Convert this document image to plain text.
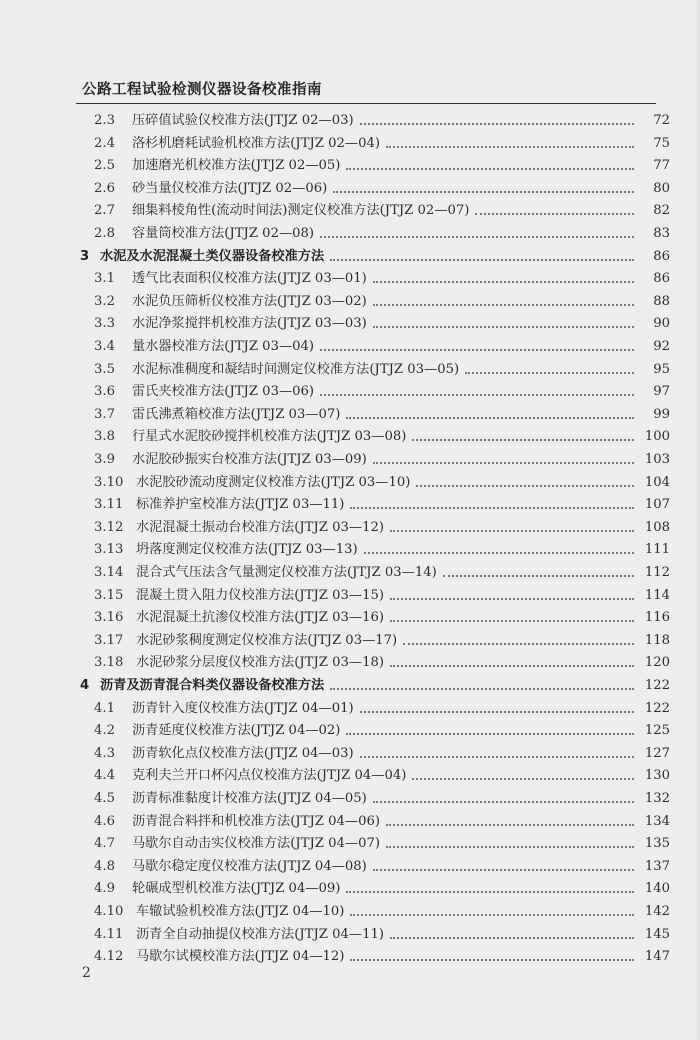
公路工程试验检测仪器设备校准指南
2.3	压碎值试验仪校准方法(JTJZ 02—03)	72
2.4	洛杉机磨耗试验机校准方法(JTJZ 02—04)	75
2.5	加速磨光机校准方法(JTJZ 02—05)	77
2.6	砂当量仪校准方法(JTJZ 02—06)	80
2.7	细集料棱角性(流动时间法)测定仪校准方法(JTJZ 02—07)	82
2.8	容量筒校准方法(JTJZ 02—08)	83
3 水泥及水泥混凝土类仪器设备校准方法	86
3.1	透气比表面积仪校准方法(JTJZ 03—01)	86
3.2	水泥负压筛析仪校准方法(JTJZ 03—02)	88
3.3	水泥净浆搅拌机校准方法(JTJZ 03—03)	90
3.4	量水器校准方法(JTJZ 03—04)	92
3.5	水泥标准稠度和凝结时间测定仪校准方法(JTJZ 03—05)	95
3.6	雷氏夹校准方法(JTJZ 03—06)	97
3.7	雷氏沸煮箱校准方法(JTJZ 03—07)	99
3.8	行星式水泥胶砂搅拌机校准方法(JTJZ 03—08)	100
3.9	水泥胶砂振实台校准方法(JTJZ 03—09)	103
3.10 水泥胶砂流动度测定仪校准方法(JTJZ 03—10)	104
3.11 标准养护室校准方法(JTJZ 03—11)	107
3.12 水泥混凝土振动台校准方法(JTJZ 03—12)	108
3.13 坍落度测定仪校准方法(JTJZ 03—13)	111
3.14 混合式气压法含气量测定仪校准方法(JTJZ 03—14)	112
3.15 混凝土贯入阻力仪校准方法(JTJZ 03—15)	114
3.16 水泥混凝土抗渗仪校准方法(JTJZ 03—16)	116
3.17 水泥砂浆稠度测定仪校准方法(JTJZ 03—17)	118
3.18 水泥砂浆分层度仪校准方法(JTJZ 03—18)	120
4 沥青及沥青混合料类仪器设备校准方法	122
4.1	沥青针入度仪校准方法(JTJZ 04—01)	122
4.2	沥青延度仪校准方法(JTJZ 04—02)	125
4.3	沥青软化点仪校准方法(JTJZ 04—03)	127
4.4	克利夫兰开口杯闪点仪校准方法(JTJZ 04—04)	130
4.5	沥青标准黏度计校准方法(JTJZ 04—05)	132
4.6	沥青混合料拌和机校准方法(JTJZ 04—06)	134
4.7	马歇尔自动击实仪校准方法(JTJZ 04—07)	135
4.8	马歇尔稳定度仪校准方法(JTJZ 04—08)	137
4.9	轮碾成型机校准方法(JTJZ 04—09)	140
4.10 车辙试验机校准方法(JTJZ 04—10)	142
4.11 沥青全自动抽提仪校准方法(JTJZ 04—11)	145
4.12 马歇尔试模校准方法(JTJZ 04—12)	147
2
